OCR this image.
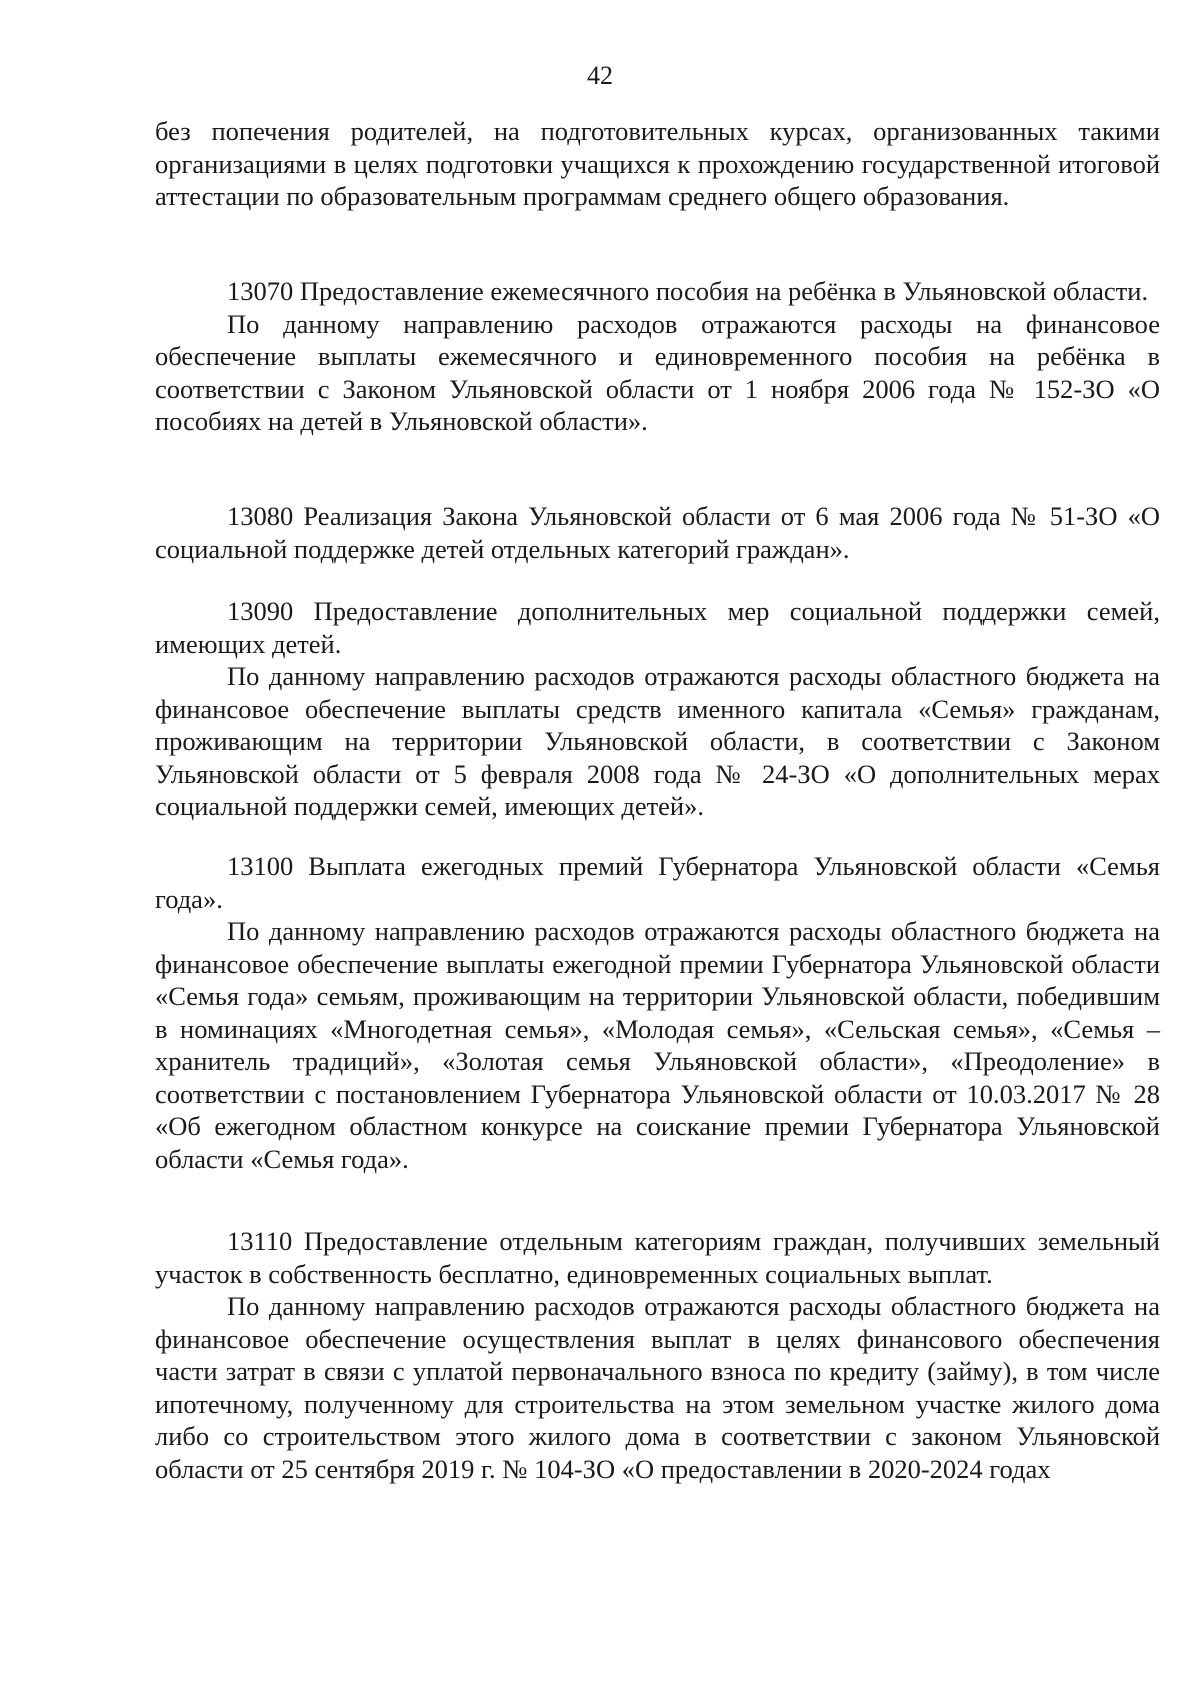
42

без попечения родителей, на подготовительных курсах, организованных такими организациями в целях подготовки учащихся к прохождению государственной итоговой аттестации по образовательным программам среднего общего образования.

13070 Предоставление ежемесячного пособия на ребёнка в Ульяновской области.

По данному направлению расходов отражаются расходы на финансовое обеспечение выплаты ежемесячного и единовременного пособия на ребёнка в соответствии с Законом Ульяновской области от 1 ноября 2006 года № 152-ЗО «О пособиях на детей в Ульяновской области».

13080 Реализация Закона Ульяновской области от 6 мая 2006 года № 51-ЗО «О социальной поддержке детей отдельных категорий граждан».

13090 Предоставление дополнительных мер социальной поддержки семей, имеющих детей.

По данному направлению расходов отражаются расходы областного бюджета на финансовое обеспечение выплаты средств именного капитала «Семья» гражданам, проживающим на территории Ульяновской области, в соответствии с Законом Ульяновской области от 5 февраля 2008 года № 24-ЗО «О дополнительных мерах социальной поддержки семей, имеющих детей».

13100 Выплата ежегодных премий Губернатора Ульяновской области «Семья года».

По данному направлению расходов отражаются расходы областного бюджета на финансовое обеспечение выплаты ежегодной премии Губернатора Ульяновской области «Семья года» семьям, проживающим на территории Ульяновской области, победившим в номинациях «Многодетная семья», «Молодая семья», «Сельская семья», «Семья – хранитель традиций», «Золотая семья Ульяновской области», «Преодоление» в соответствии с постановлением Губернатора Ульяновской области от 10.03.2017 № 28 «Об ежегодном областном конкурсе на соискание премии Губернатора Ульяновской области «Семья года».

13110 Предоставление отдельным категориям граждан, получивших земельный участок в собственность бесплатно, единовременных социальных выплат.

По данному направлению расходов отражаются расходы областного бюджета на финансовое обеспечение осуществления выплат в целях финансового обеспечения части затрат в связи с уплатой первоначального взноса по кредиту (займу), в том числе ипотечному, полученному для строительства на этом земельном участке жилого дома либо со строительством этого жилого дома в соответствии с законом Ульяновской области от 25 сентября 2019 г. № 104-ЗО «О предоставлении в 2020-2024 годах
